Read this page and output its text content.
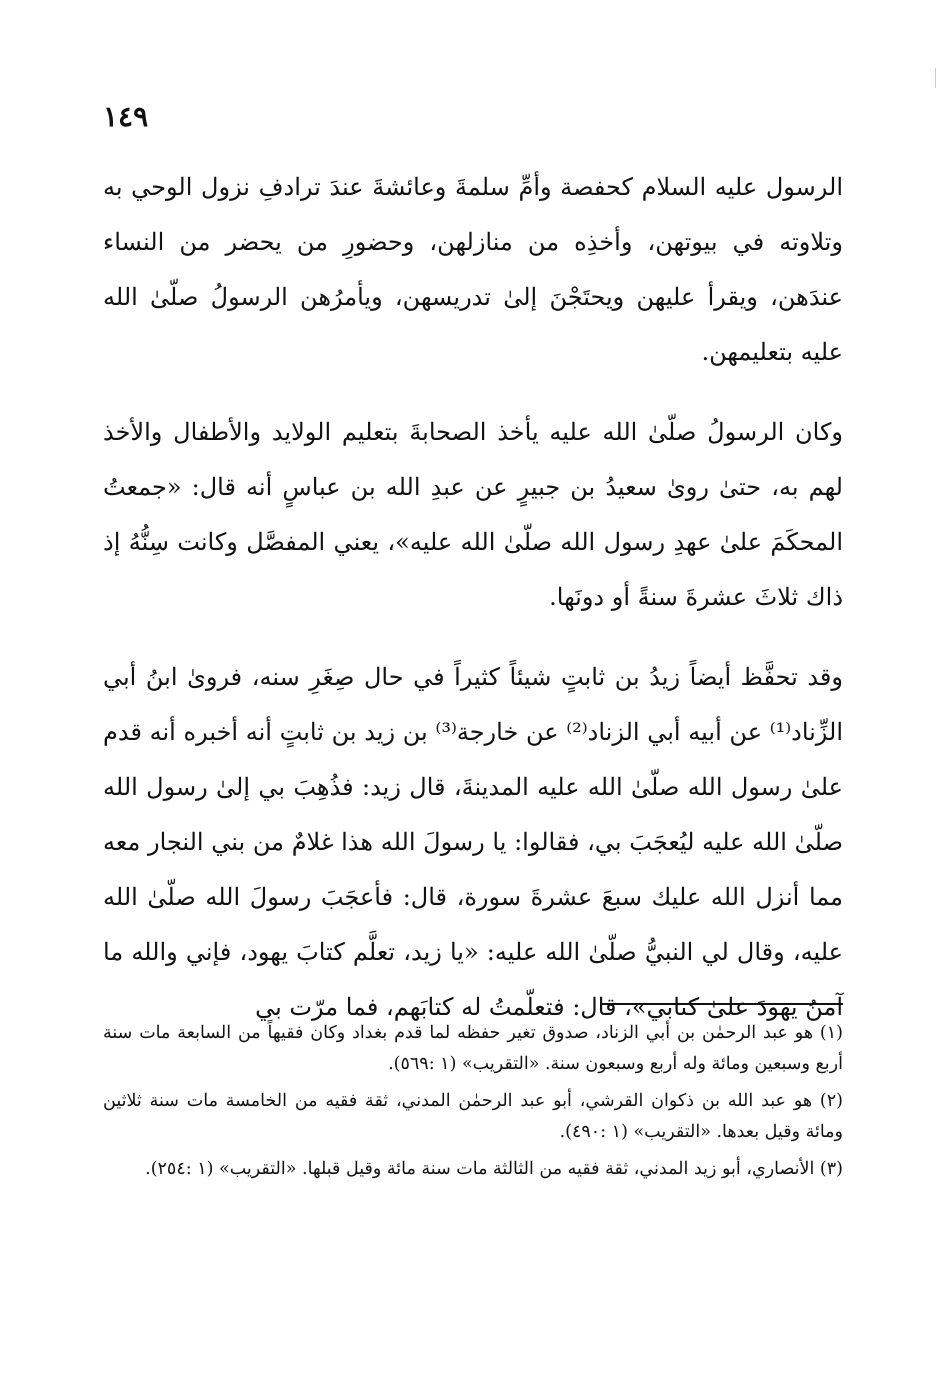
١٤٩

الرسول عليه السلام كحفصة وأمِّ سلمةَ وعائشةَ عندَ ترادفِ نزول الوحي به وتلاوته في بيوتهن، وأخذِه من منازلهن، وحضورِ من يحضر من النساء عندَهن، ويقرأ عليهن ويحتَجْنَ إلىٰ تدريسهن، ويأمرُهن الرسولُ صلّىٰ الله عليه بتعليمهن.

وكان الرسولُ صلّىٰ الله عليه يأخذ الصحابةَ بتعليم الولايد والأطفال والأخذ لهم به، حتىٰ روىٰ سعيدُ بن جبيرٍ عن عبدِ الله بن عباسٍ أنه قال: «جمعتُ المحكَمَ علىٰ عهدِ رسول الله صلّىٰ الله عليه»، يعني المفصَّل وكانت سِنُّهُ إذ ذاك ثلاثَ عشرةَ سنةً أو دونَها.

وقد تحفَّظ أيضاً زيدُ بن ثابتٍ شيئاً كثيراً في حال صِغَرِ سنه، فروىٰ ابنُ أبي الزِّناد⁽¹⁾ عن أبيه أبي الزناد⁽²⁾ عن خارجة⁽³⁾ بن زيد بن ثابتٍ أنه أخبره أنه قدم علىٰ رسول الله صلّىٰ الله عليه المدينةَ، قال زيد: فذُهِبَ بي إلىٰ رسول الله صلّىٰ الله عليه ليُعجَبَ بي، فقالوا: يا رسولَ الله هذا غلامٌ من بني النجار معه مما أنزل الله عليك سبعَ عشرةَ سورة، قال: فأعجَبَ رسولَ الله صلّىٰ الله عليه، وقال لي النبيُّ صلّىٰ الله عليه: «يا زيد، تعلَّم كتابَ يهود، فإني والله ما آمنُ يهودَ علىٰ كتابي»، قال: فتعلّمتُ له كتابَهم، فما مرّت بي

(١) هو عبد الرحمٰن بن أبي الزناد، صدوق تغير حفظه لما قدم بغداد وكان فقيهاً من السابعة مات سنة أربع وسبعين ومائة وله أربع وسبعون سنة. «التقريب» (١ :٥٦٩).

(٢) هو عبد الله بن ذكوان القرشي، أبو عبد الرحمٰن المدني، ثقة فقيه من الخامسة مات سنة ثلاثين ومائة وقيل بعدها. «التقريب» (١ :٤٩٠).

(٣) الأنصاري، أبو زيد المدني، ثقة فقيه من الثالثة مات سنة مائة وقيل قبلها. «التقريب» (١ :٢٥٤).
